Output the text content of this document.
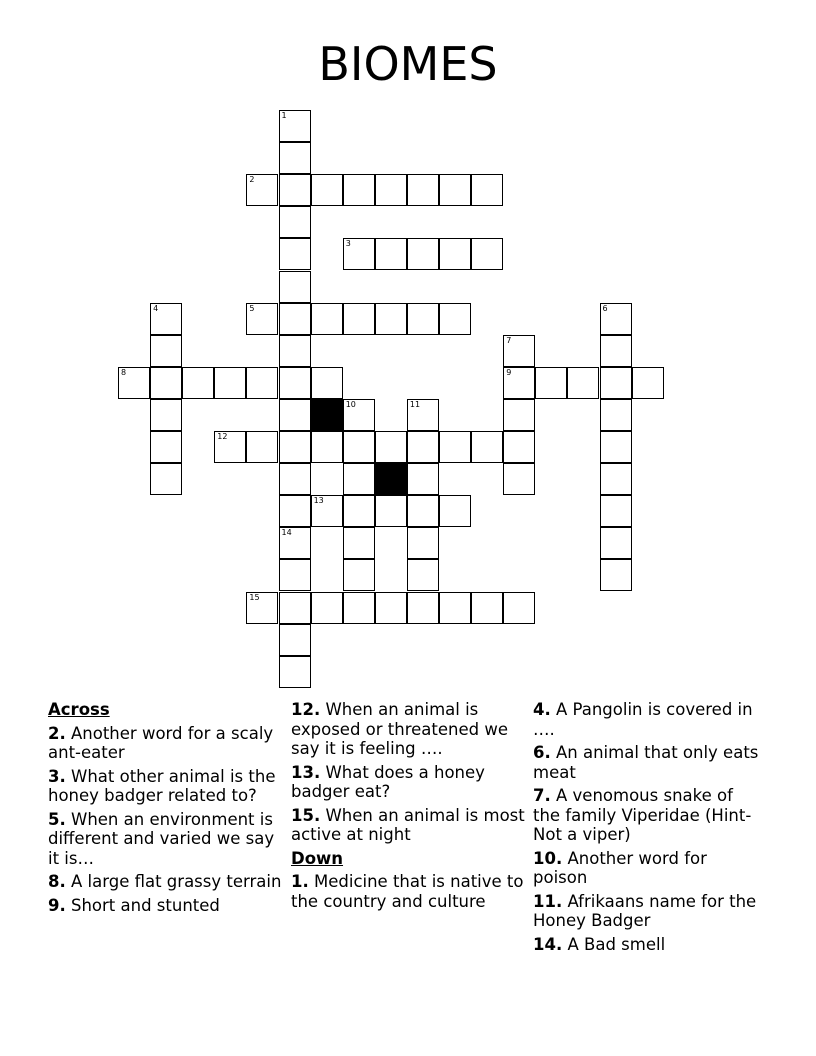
BIOMES
1
14
2
3
4	5	6
7
9
8
12
10	11
13
15
Across
2. Another word for a scaly ant-eater
3. What other animal is the honey badger related to?
5. When an environment is different and varied we say it is…
8. A large flat grassy terrain
9. Short and stunted
12. When an animal is exposed or threatened we say it is feeling ….
13. What does a honey badger eat?
15. When an animal is most active at night
Down
1. Medicine that is native to the country and culture
4. A Pangolin is covered in ….
6. An animal that only eats meat
7. A venomous snake of the family Viperidae (Hint-Not a viper)
10. Another word for poison
11. Afrikaans name for the Honey Badger
14. A Bad smell
